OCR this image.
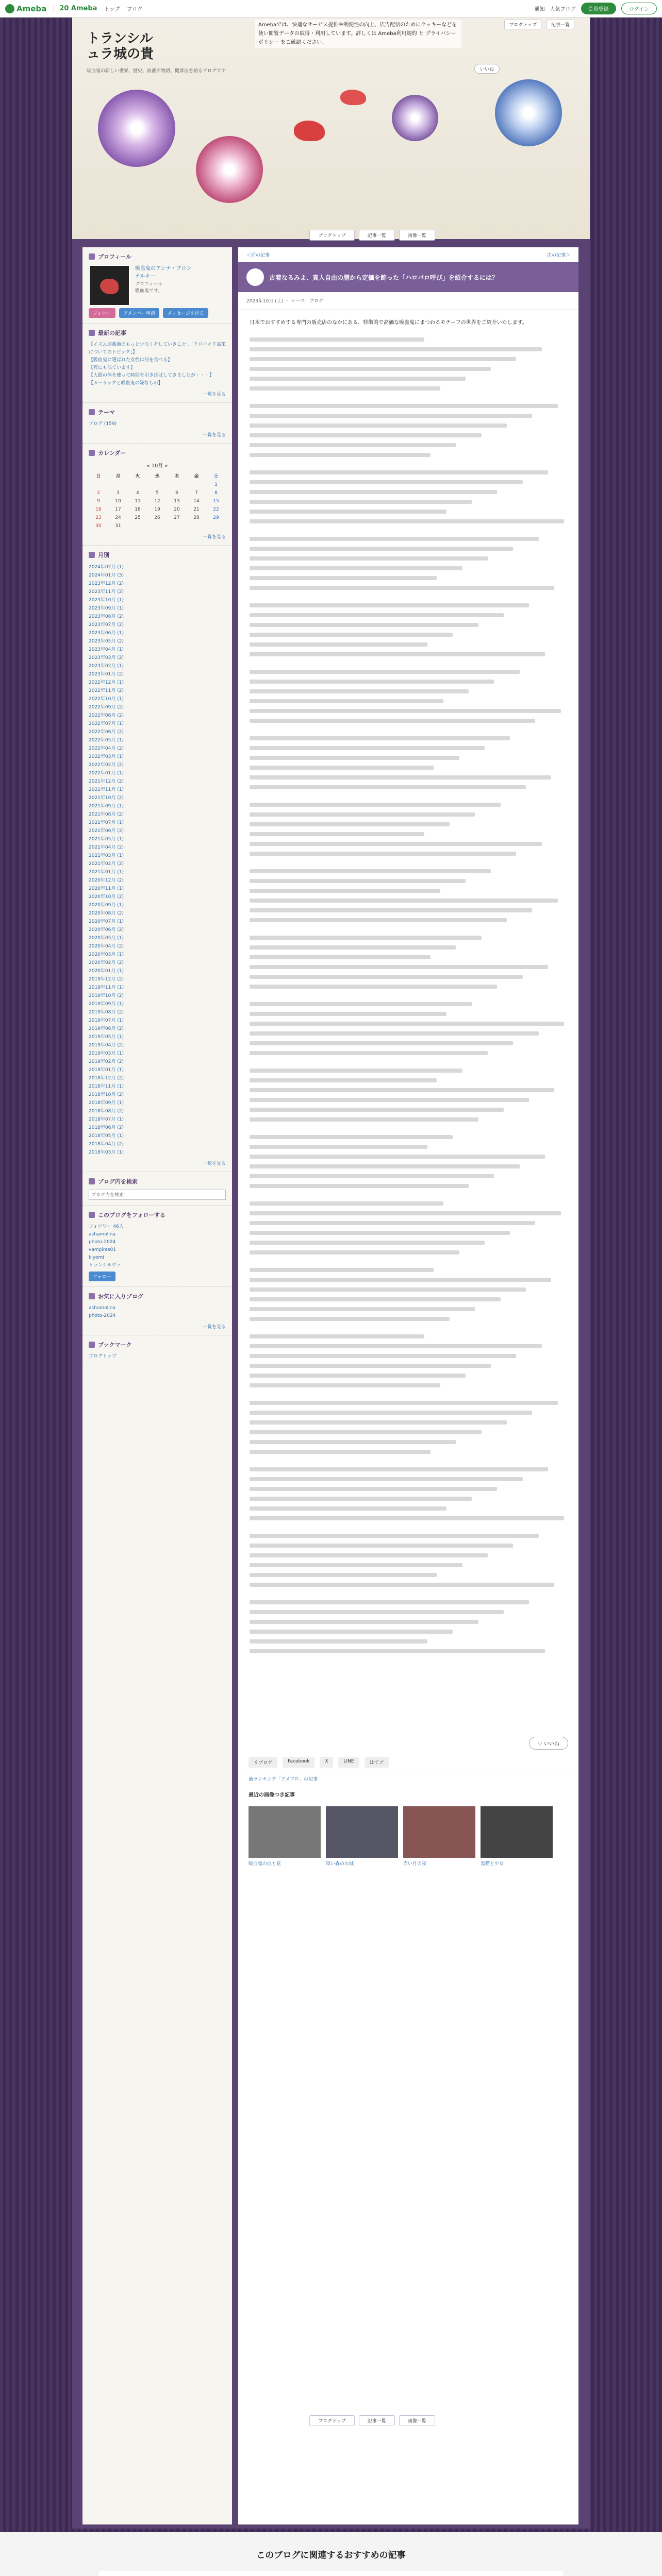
Ameba	20 Ameba トップ ブログ	通知 人気ブログ	会員登録	ログイン
トランシル
ュラ城の貴
吸血鬼の新しい世界、歴史、血液の物語、健康法を語るブログです
Amebaでは、快適なサービス提供や利便性の向上、広告配信のためにクッキーなどを使い閲覧データの取得・利用しています。詳しくは Ameba利用規約 と プライバシーポリシー をご確認ください。
ブログトップ	記事一覧
いいね
ブログトップ	記事一覧	画像一覧
プロフィール
吸血鬼のアンナ・ブロン
テルキー
プロフィール
吸血鬼です。
フォロー	アメンバー申請	メッセージを送る
最新の記事
【イズム連載前のもっと少なくをしていきこと',「クロロイド高栄についてのトピック」】
【吸血鬼に選ばれた女性は何を食べる】
【死にも似ています】
【人間の体を使って時間を引き延ばしてきましたが・・・】
【ガーリックと吸血鬼の嫌なもの】
一覧を見る
テーマ
ブログ (159)
一覧を見る
カレンダー
« 10月 »
日	月	火	水	木	金	土
						1
2	3	4	5	6	7	8
9	10	11	12	13	14	15
16	17	18	19	20	21	22
23	24	25	26	27	28	29
30	31					
一覧を見る
月別
2024年02月 (1)
2024年01月 (3)
2023年12月 (2)
2023年11月 (2)
2023年10月 (1)
2023年09月 (1)
2023年08月 (2)
2023年07月 (2)
2023年06月 (1)
2023年05月 (2)
2023年04月 (1)
2023年03月 (2)
2023年02月 (1)
2023年01月 (2)
2022年12月 (1)
2022年11月 (2)
2022年10月 (1)
2022年09月 (2)
2022年08月 (2)
2022年07月 (1)
2022年06月 (2)
2022年05月 (1)
2022年04月 (2)
2022年03月 (1)
2022年02月 (2)
2022年01月 (1)
2021年12月 (2)
2021年11月 (1)
2021年10月 (2)
2021年09月 (1)
2021年08月 (2)
2021年07月 (1)
2021年06月 (2)
2021年05月 (1)
2021年04月 (2)
2021年03月 (1)
2021年02月 (2)
2021年01月 (1)
2020年12月 (2)
2020年11月 (1)
2020年10月 (2)
2020年09月 (1)
2020年08月 (2)
2020年07月 (1)
2020年06月 (2)
2020年05月 (1)
2020年04月 (2)
2020年03月 (1)
2020年02月 (2)
2020年01月 (1)
2019年12月 (2)
2019年11月 (1)
2019年10月 (2)
2019年09月 (1)
2019年08月 (2)
2019年07月 (1)
2019年06月 (2)
2019年05月 (1)
2019年04月 (2)
2019年03月 (1)
2019年02月 (2)
2019年01月 (1)
2018年12月 (2)
2018年11月 (1)
2018年10月 (2)
2018年09月 (1)
2018年08月 (2)
2018年07月 (1)
2018年06月 (2)
2018年05月 (1)
2018年04月 (2)
2018年03月 (1)
一覧を見る
ブログ内を検索
ブログ内を検索
このブログをフォローする
フォロワー 46人
ashamolina
photo-2024
vampires01
kiyomi
トランシルヴァ
フォロー
お気に入りブログ
ashamolina
photo-2024
一覧を見る
ブックマーク
ブログトップ
＜前の記事	次の記事＞
古着なるみよ、真人自由の膳から定価を飾った「ハロパロ呼び」を紹介するには？
2023年10月 (土) ・ テーマ：ブログ

日本でおすすめする専門の販売店のなかにある、特徴的で高価な吸血鬼にまつわるモチーフの世界をご紹介いたします。

♡ いいね
リブログ	Facebook	X	LINE	はてブ
前ランキング「アメブロ」の記事
最近の画像つき記事
吸血鬼の血と花	暗い森の古城	赤い月の夜	黒猫と少女
ブログトップ	記事一覧	画像一覧
このブログに関連するおすすめの記事
